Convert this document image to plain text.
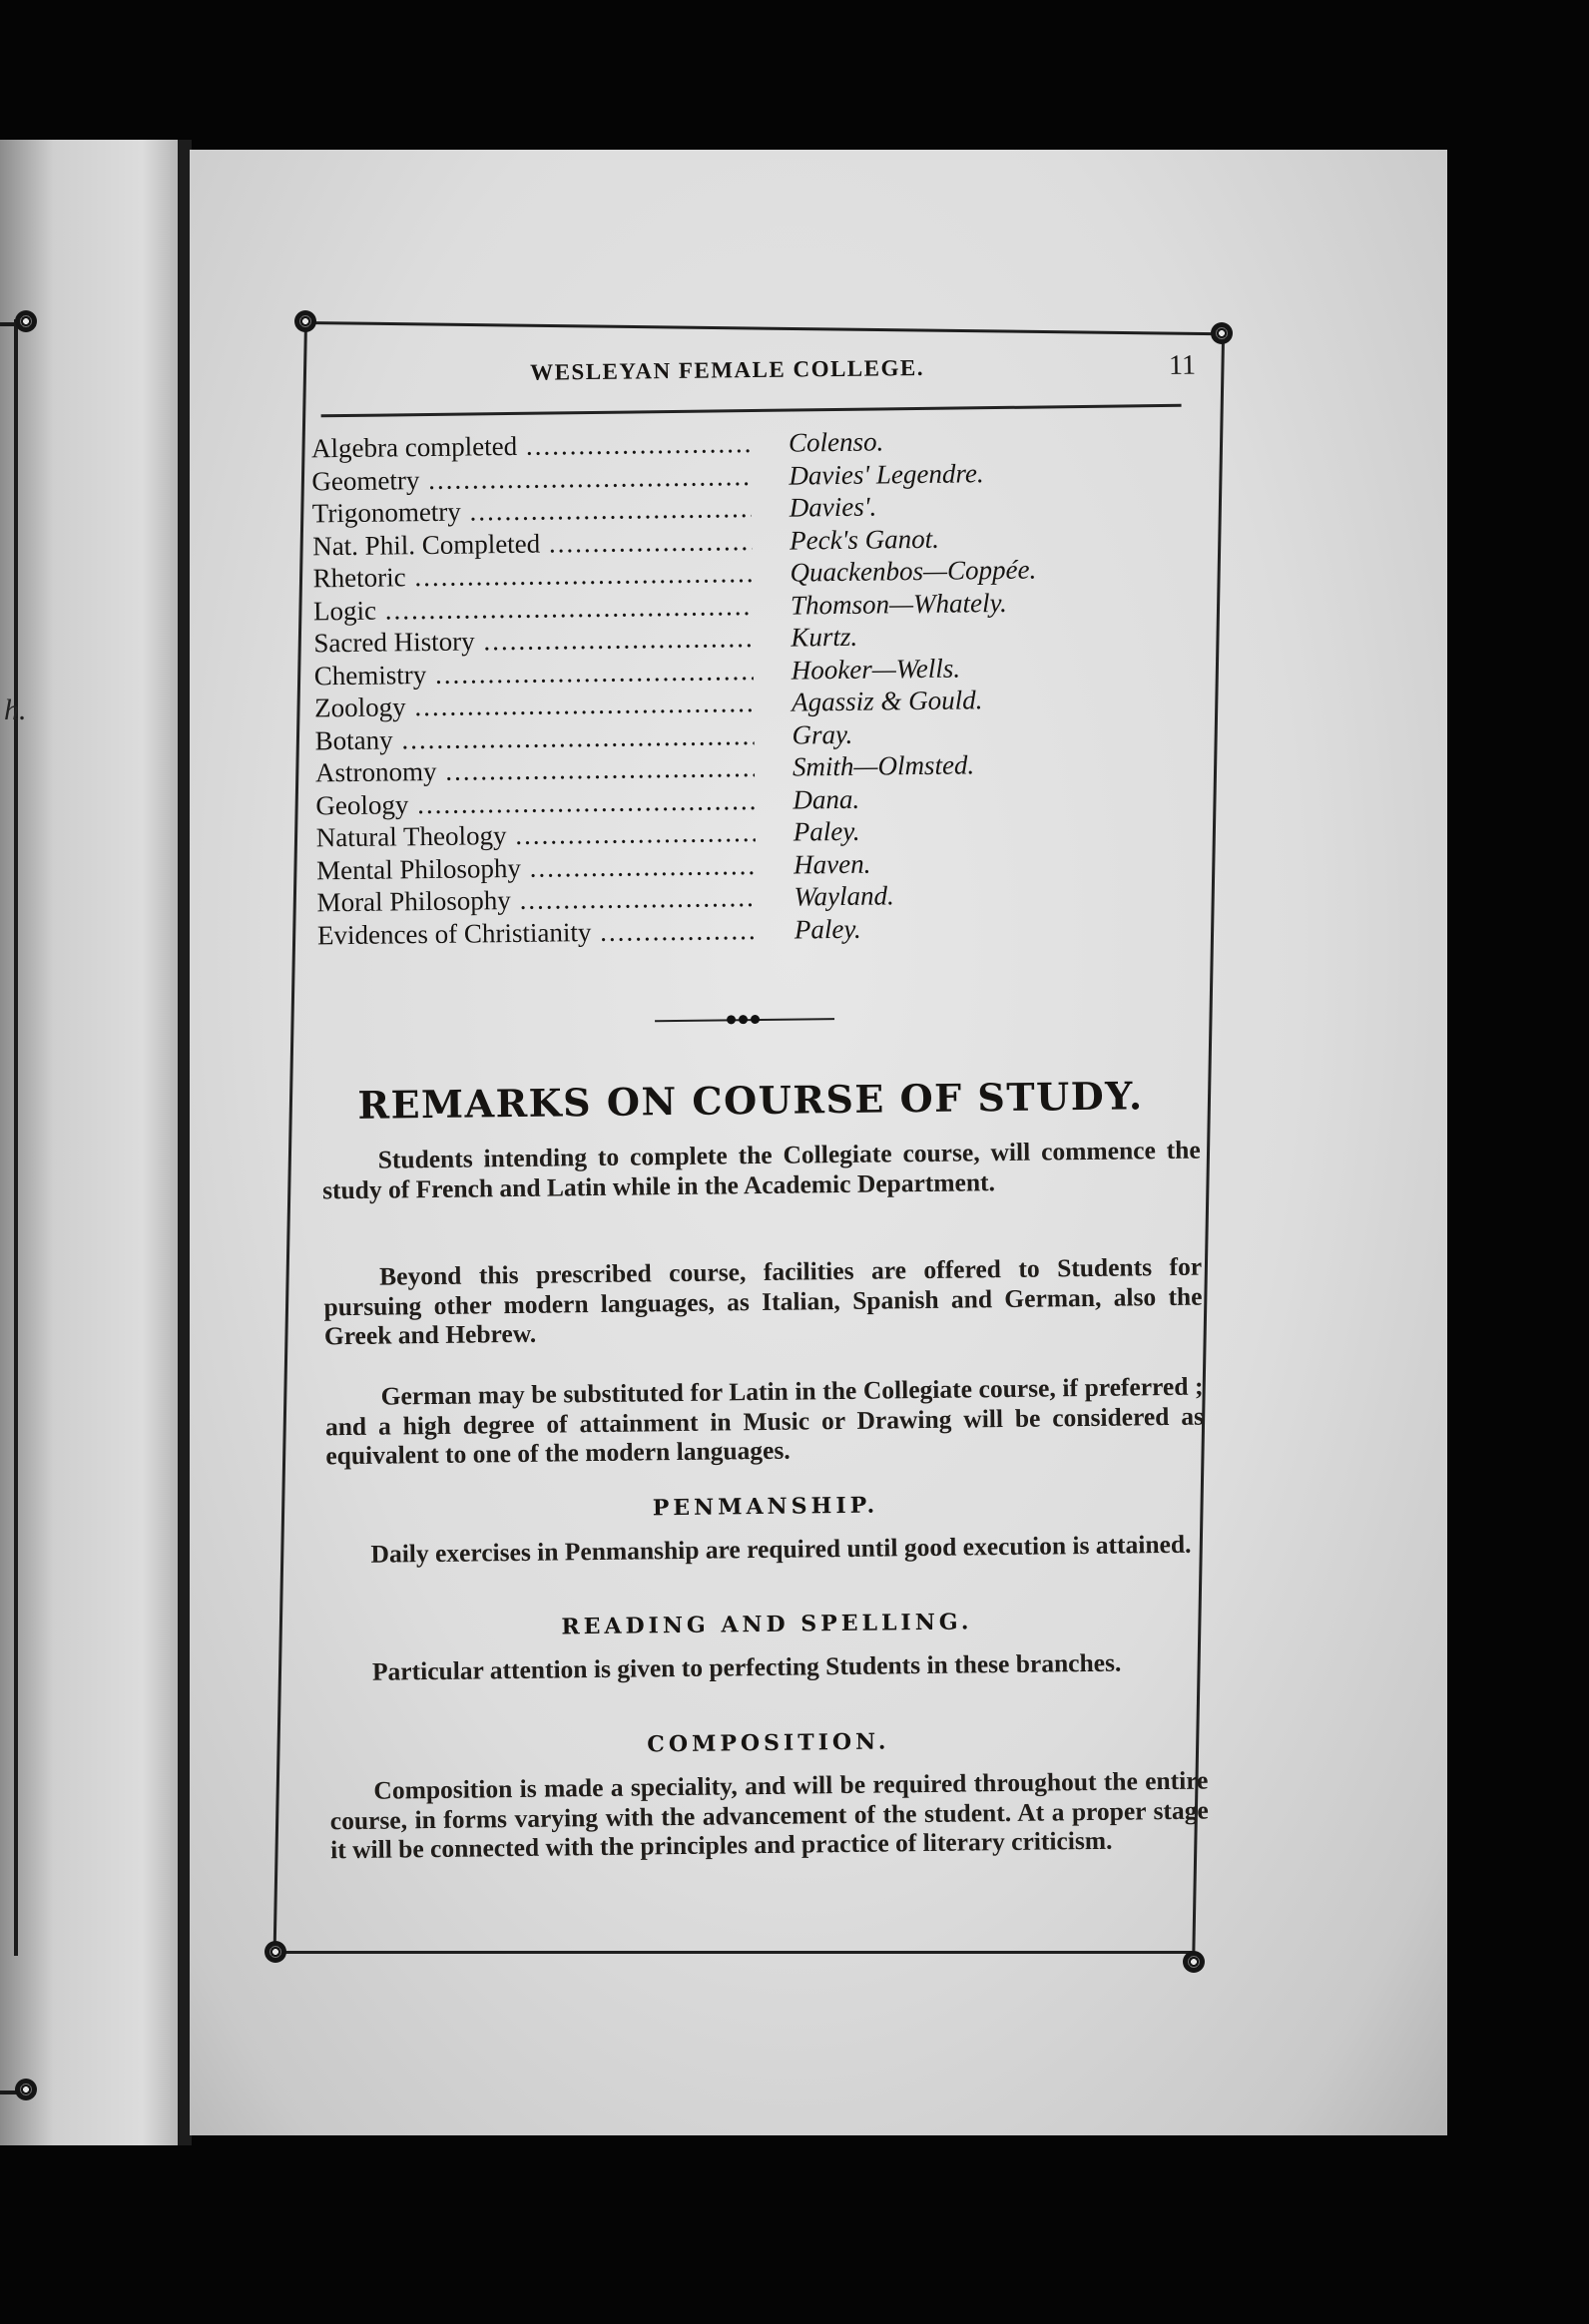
h.
WESLEYAN FEMALE COLLEGE.	11
Algebra completed .....	Colenso.
Geometry .....	Davies' Legendre.
Trigonometry .....	Davies'.
Nat. Phil. Completed .....	Peck's Ganot.
Rhetoric .....	Quackenbos—Coppée.
Logic .....	Thomson—Whately.
Sacred History .....	Kurtz.
Chemistry .....	Hooker—Wells.
Zoology .....	Agassiz & Gould.
Botany .....	Gray.
Astronomy .....	Smith—Olmsted.
Geology .....	Dana.
Natural Theology .....	Paley.
Mental Philosophy .....	Haven.
Moral Philosophy .....	Wayland.
Evidences of Christianity .....	Paley.
REMARKS ON COURSE OF STUDY.
Students intending to complete the Collegiate course, will commence the study of French and Latin while in the Academic Department.
Beyond this prescribed course, facilities are offered to Students for pursuing other modern languages, as Italian, Spanish and German, also the Greek and Hebrew.
German may be substituted for Latin in the Collegiate course, if preferred ; and a high degree of attainment in Music or Drawing will be considered as equivalent to one of the modern languages.
PENMANSHIP.
Daily exercises in Penmanship are required until good execution is attained.
READING AND SPELLING.
Particular attention is given to perfecting Students in these branches.
COMPOSITION.
Composition is made a speciality, and will be required throughout the entire course, in forms varying with the advancement of the student. At a proper stage it will be connected with the principles and practice of literary criticism.
